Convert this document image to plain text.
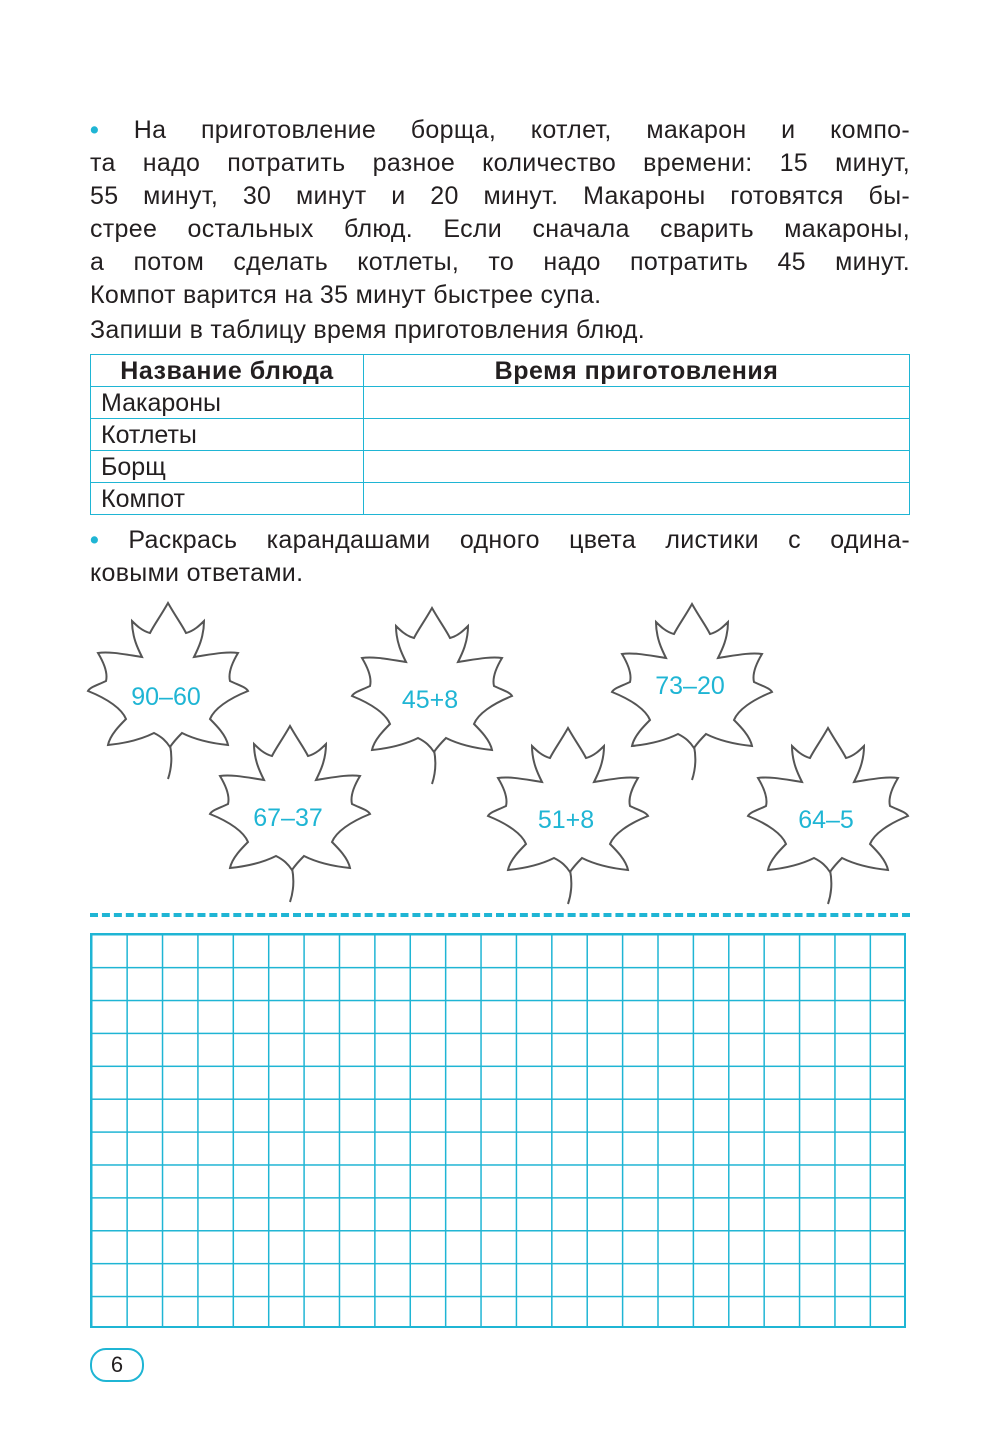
• На приготовление борща, котлет, макарон и компо-
та надо потратить разное количество времени: 15 минут,
55 минут, 30 минут и 20 минут. Макароны готовятся бы-
стрее остальных блюд. Если сначала сварить макароны,
а потом сделать котлеты, то надо потратить 45 минут.
Компот варится на 35 минут быстрее супа.

Запиши в таблицу время приготовления блюд.

Название блюда	Время приготовления
Макароны	
Котлеты	
Борщ	
Компот	
• Раскрась карандашами одного цвета листики с одина-
ковыми ответами.
90–60
67–37
45+8
51+8
73–20
64–5
6
